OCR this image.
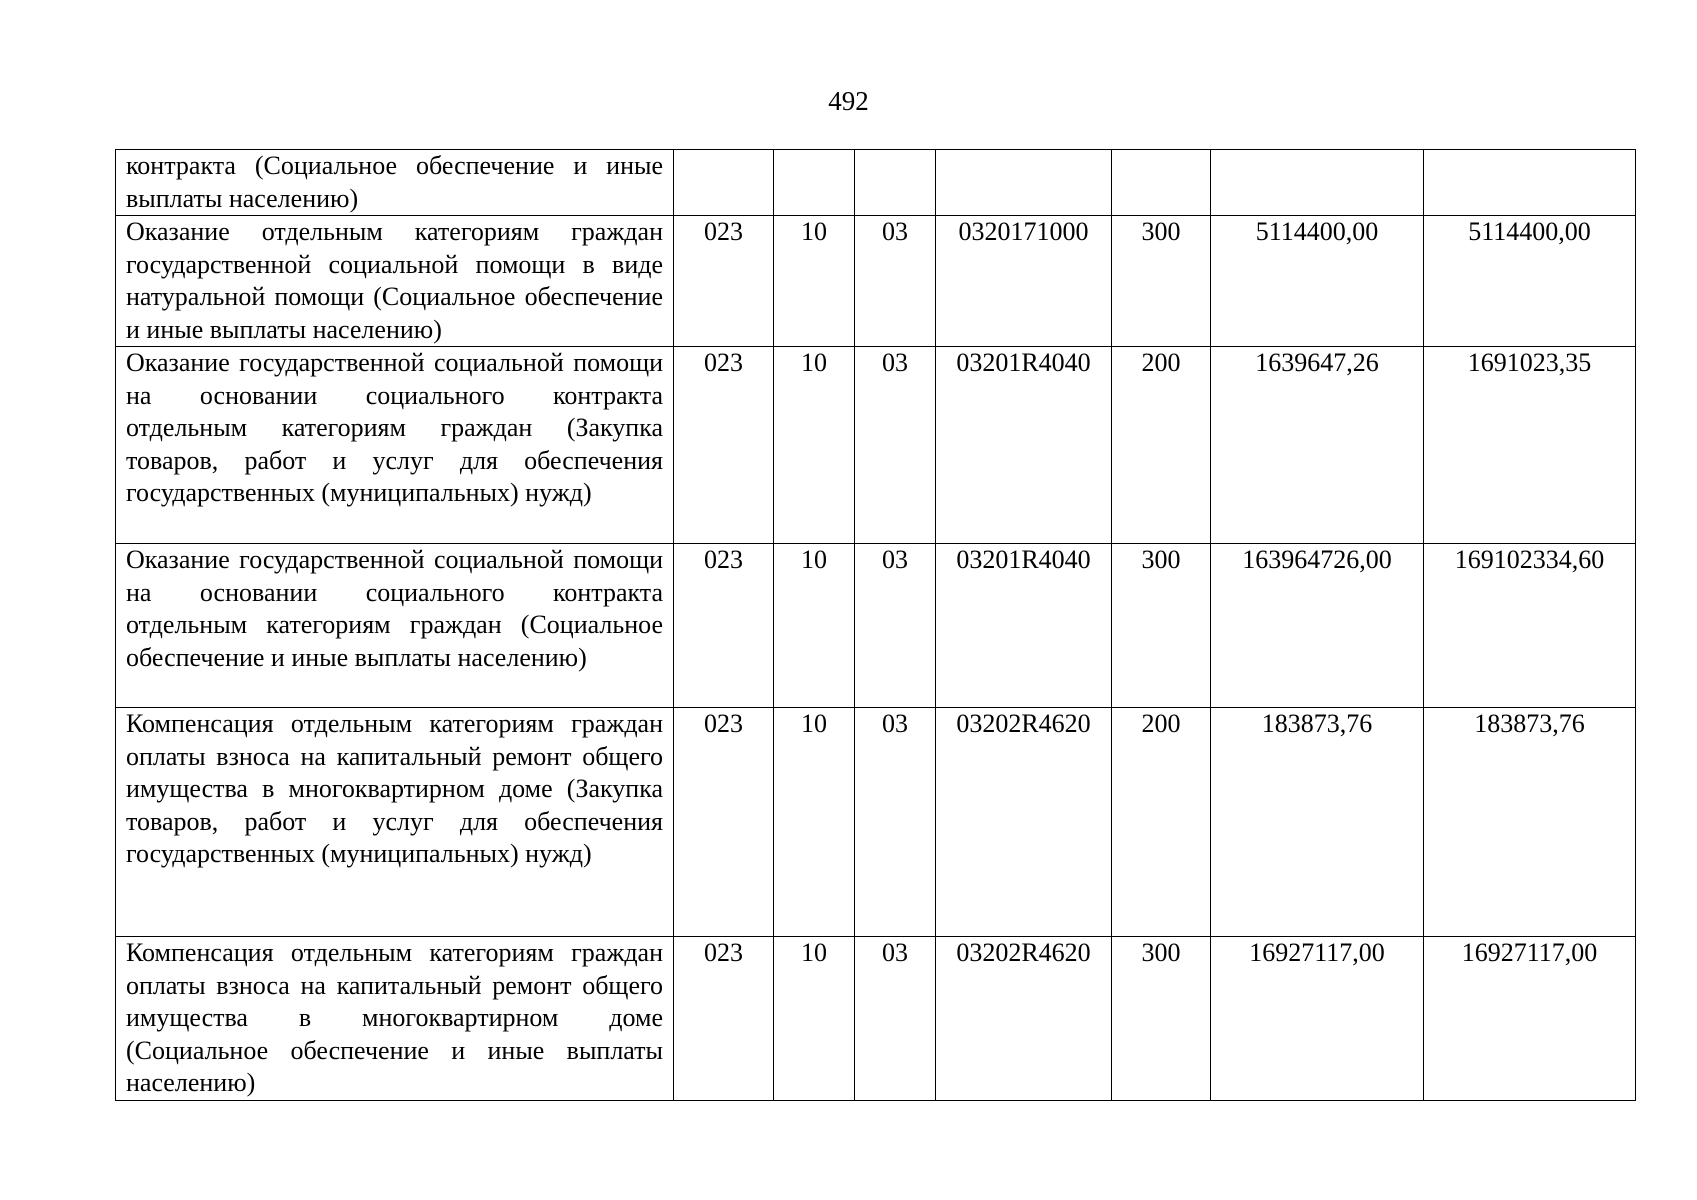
492
контракта (Социальное обеспечение и иные выплаты населению)							
Оказание отдельным категориям граждан государственной социальной помощи в виде натуральной помощи (Социальное обеспечение и иные выплаты населению)	023	10	03	0320171000	300	5114400,00	5114400,00
Оказание государственной социальной помощи на основании социального контракта отдельным категориям граждан (Закупка товаров, работ и услуг для обеспечения государственных (муниципальных) нужд)	023	10	03	03201R4040	200	1639647,26	1691023,35
Оказание государственной социальной помощи на основании социального контракта отдельным категориям граждан (Социальное обеспечение и иные выплаты населению)	023	10	03	03201R4040	300	163964726,00	169102334,60
Компенсация отдельным категориям граждан оплаты взноса на капитальный ремонт общего имущества в многоквартирном доме (Закупка товаров, работ и услуг для обеспечения государственных (муниципальных) нужд)	023	10	03	03202R4620	200	183873,76	183873,76
Компенсация отдельным категориям граждан оплаты взноса на капитальный ремонт общего имущества в многоквартирном доме (Социальное обеспечение и иные выплаты населению)	023	10	03	03202R4620	300	16927117,00	16927117,00
